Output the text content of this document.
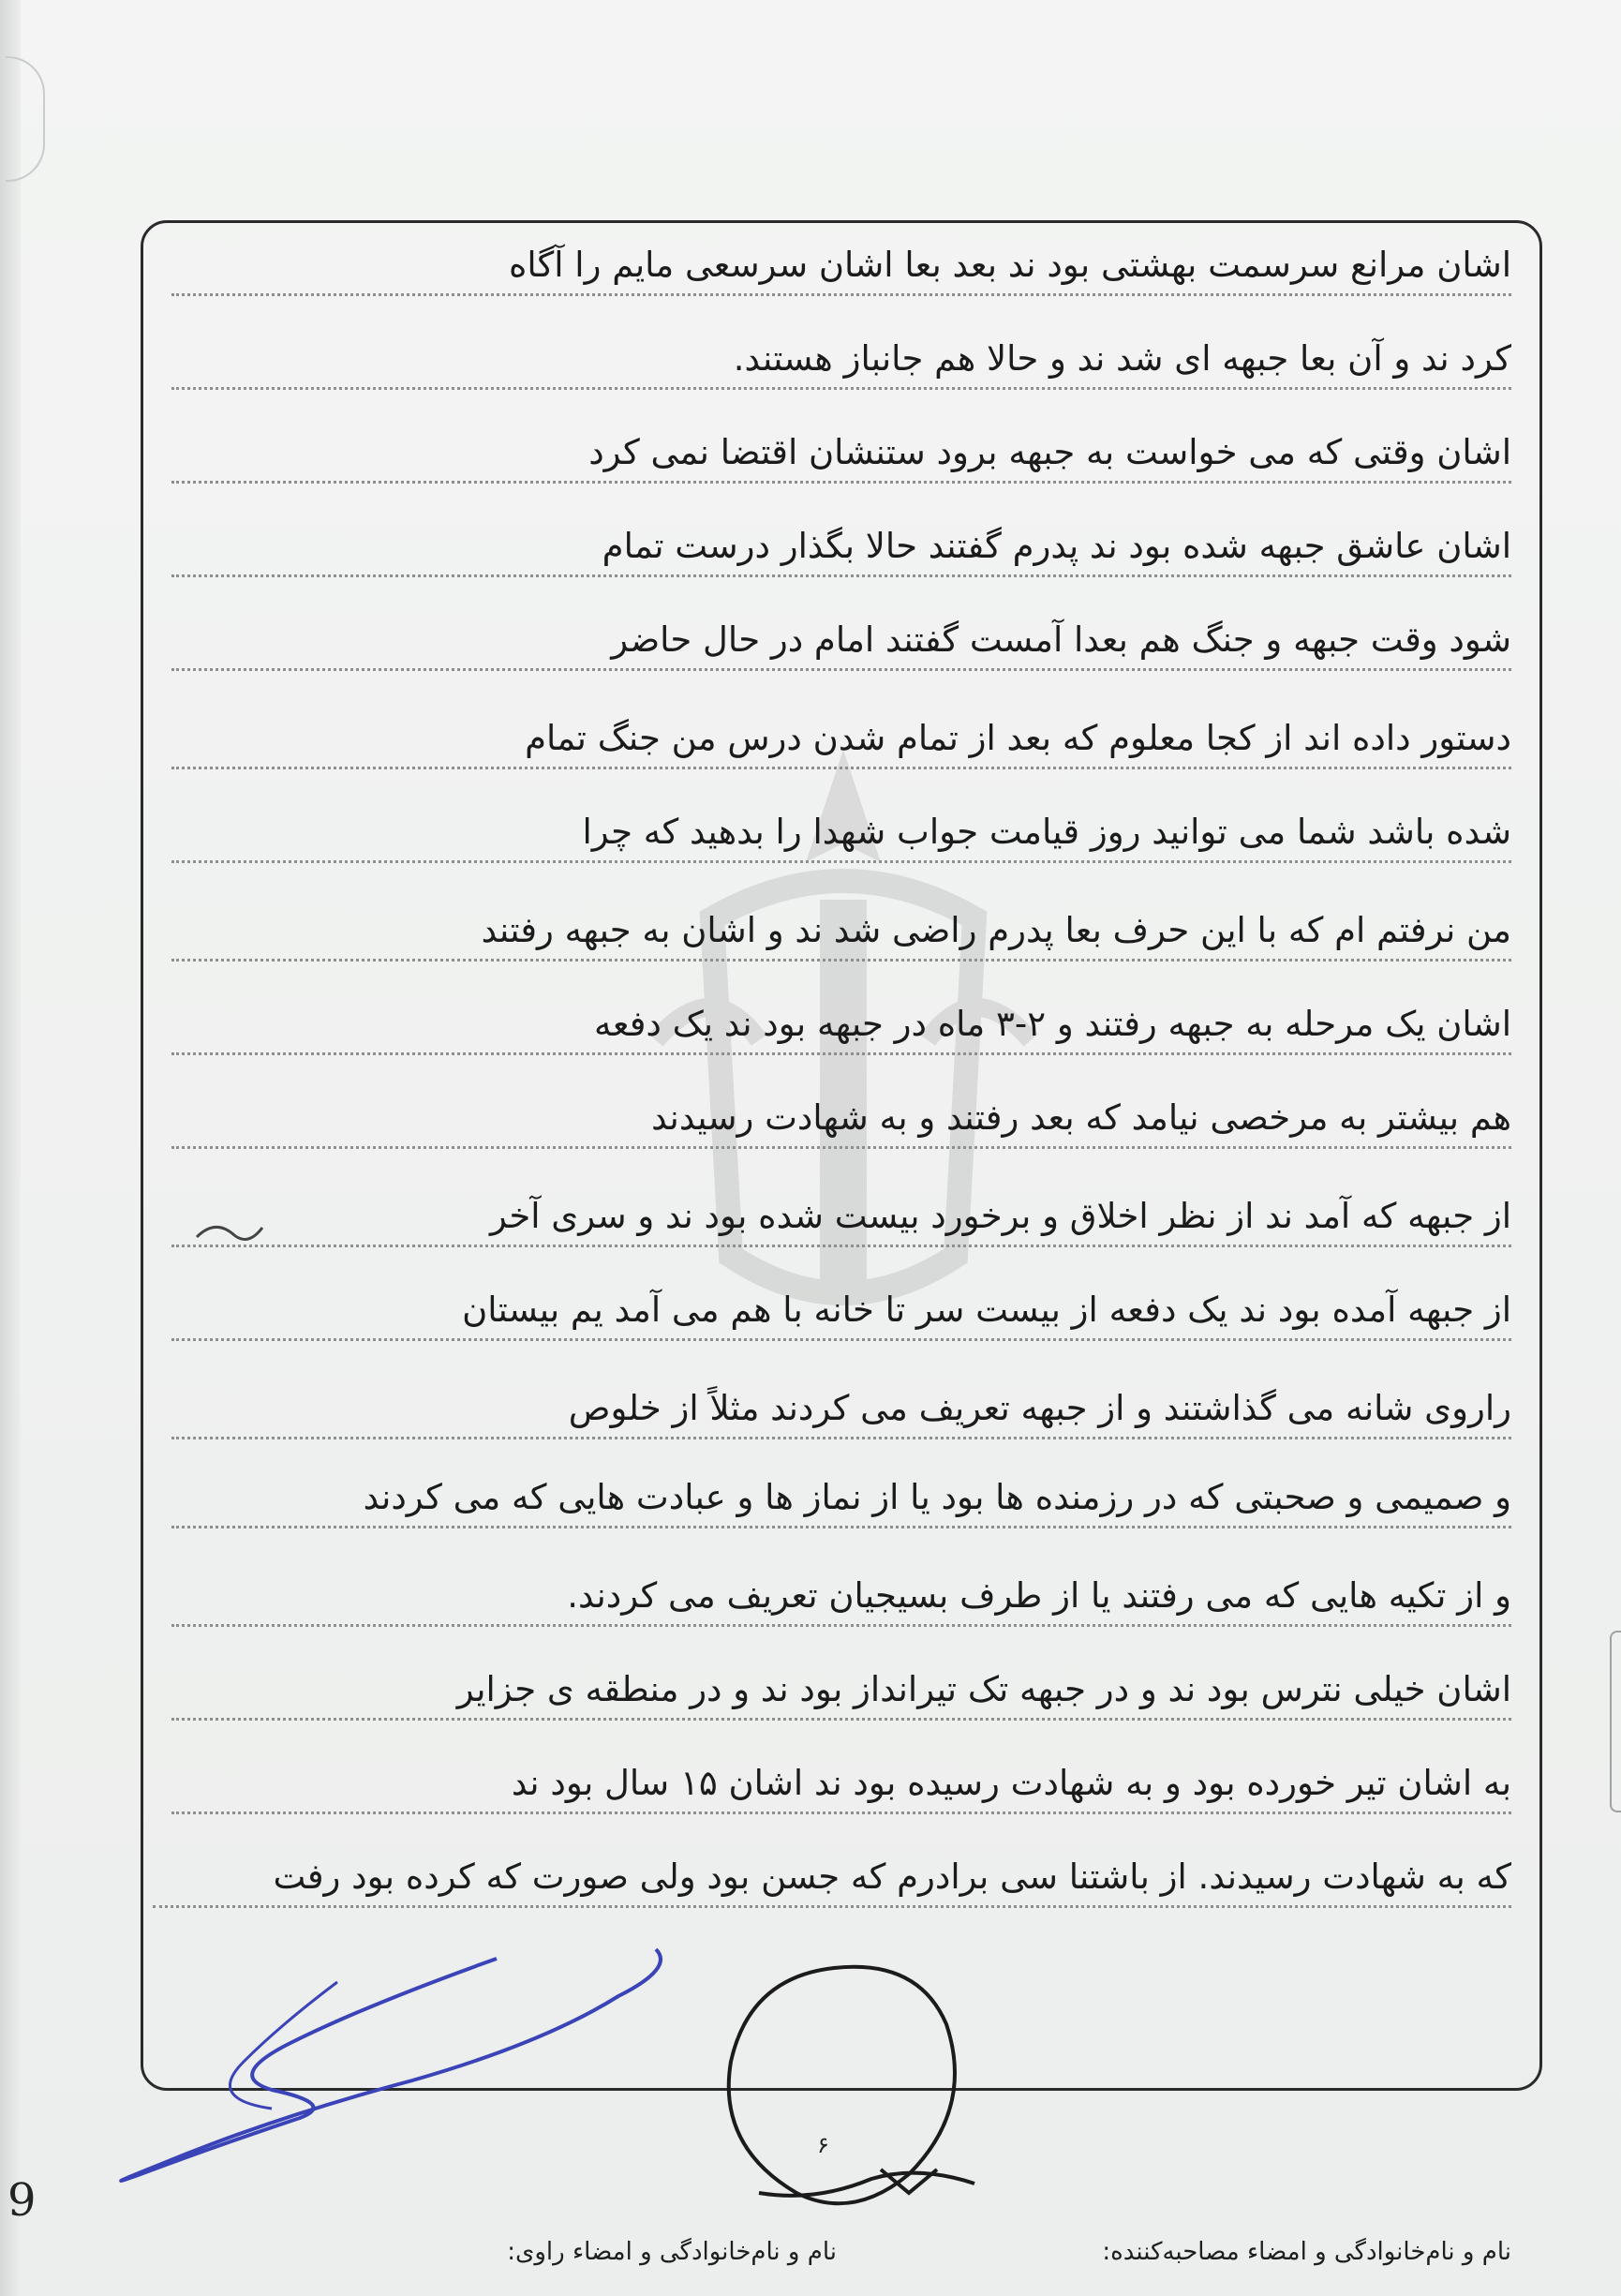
اشان مرانع سرسمت بهشتی بود ند بعد بعا اشان سرسعی مایم را آگاه
کرد ند و آن بعا جبهه ای شد ند و حالا هم جانباز هستند.
اشان وقتی که می خواست به جبهه برود ستنشان اقتضا نمی کرد
اشان عاشق جبهه شده بود ند پدرم گفتند حالا بگذار درست تمام
شود وقت جبهه و جنگ هم بعدا آمست گفتند امام در حال حاضر
دستور داده اند از کجا معلوم که بعد از تمام شدن درس من جنگ تمام
شده باشد شما می توانید روز قیامت جواب شهدا را بدهید که چرا
من نرفتم ام که با این حرف بعا پدرم راضی شد ند و اشان به جبهه رفتند
اشان یک مرحله به جبهه رفتند و ۲-۳ ماه در جبهه بود ند یک دفعه
هم بیشتر به مرخصی نیامد که بعد رفتند و به شهادت رسیدند
از جبهه که آمد ند از نظر اخلاق و برخورد بیست شده بود ند و سری آخر
از جبهه آمده بود ند یک دفعه از بیست سر تا خانه با هم می آمد یم بیستان
راروی شانه می گذاشتند و از جبهه تعریف می کردند مثلاً از خلوص
و صمیمی و صحبتی که در رزمنده ها بود یا از نماز ها و عبادت هایی که می کردند
و از تکیه هایی که می رفتند یا از طرف بسیجیان تعریف می کردند.
اشان خیلی نترس بود ند و در جبهه تک تیرانداز بود ند و در منطقه ی جزایر
به اشان تیر خورده بود و به شهادت رسیده بود ند اشان ۱۵ سال بود ند
که به شهادت رسیدند. از باشتنا سی برادرم که جسن بود ولی صورت که کرده بود رفت
نام و نام‌خانوادگی و امضاء مصاحبه‌کننده:
نام و نام‌خانوادگی و امضاء راوی:
۶
9
